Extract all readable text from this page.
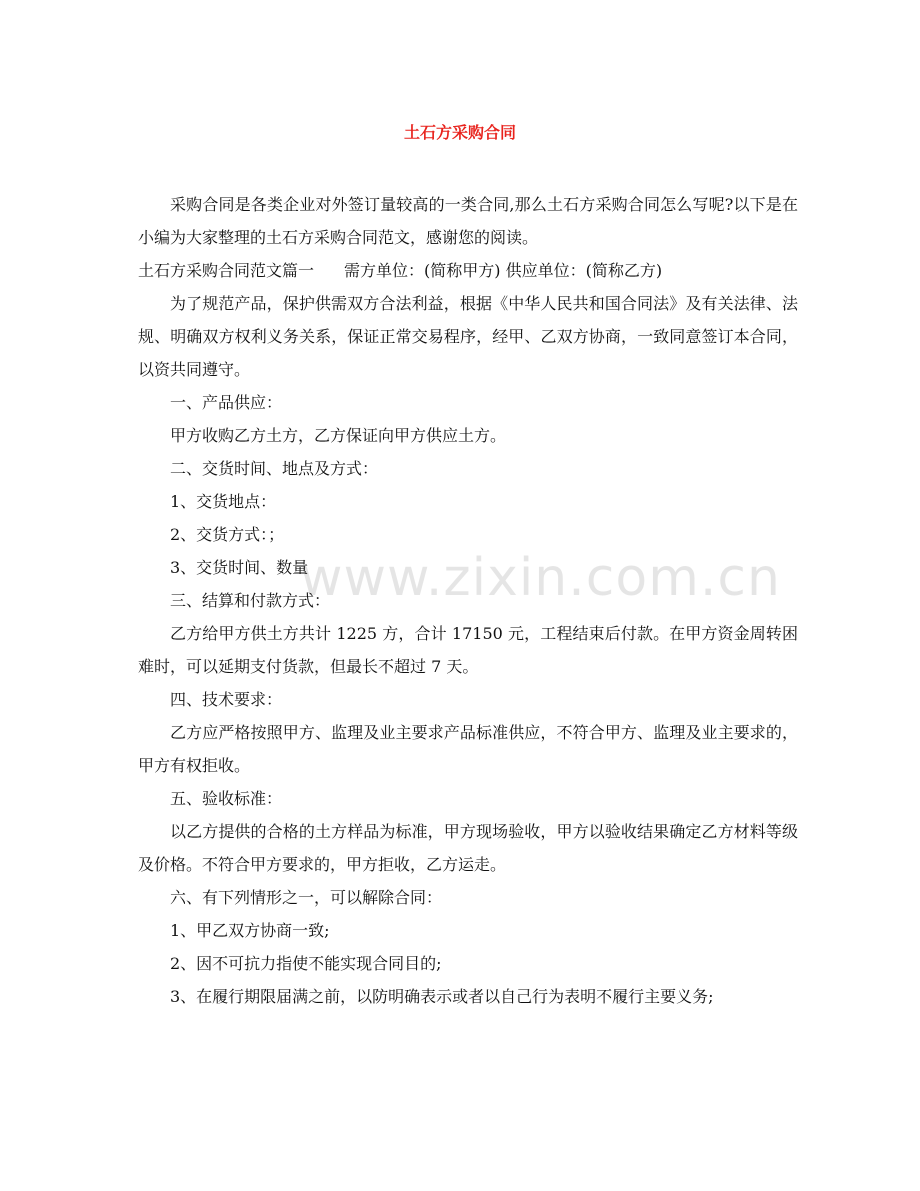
土石方采购合同

采购合同是各类企业对外签订量较高的一类合同,那么土石方采购合同怎么写呢?以下是在小编为大家整理的土石方采购合同范文，感谢您的阅读。

土石方采购合同范文篇一 需方单位：(简称甲方) 供应单位：(简称乙方)

为了规范产品，保护供需双方合法利益，根据《中华人民共和国合同法》及有关法律、法规、明确双方权利义务关系，保证正常交易程序，经甲、乙双方协商，一致同意签订本合同，以资共同遵守。

一、产品供应：

甲方收购乙方土方，乙方保证向甲方供应土方。

二、交货时间、地点及方式：

1、交货地点：

2、交货方式：；

3、交货时间、数量

三、结算和付款方式：

乙方给甲方供土方共计 1225 方，合计 17150 元，工程结束后付款。在甲方资金周转困难时，可以延期支付货款，但最长不超过 7 天。

四、技术要求：

乙方应严格按照甲方、监理及业主要求产品标准供应，不符合甲方、监理及业主要求的，甲方有权拒收。

五、验收标准：

以乙方提供的合格的土方样品为标准，甲方现场验收，甲方以验收结果确定乙方材料等级及价格。不符合甲方要求的，甲方拒收，乙方运走。

六、有下列情形之一，可以解除合同：

1、甲乙双方协商一致;

2、因不可抗力指使不能实现合同目的;

3、在履行期限届满之前，以防明确表示或者以自己行为表明不履行主要义务;

www.zixin.com.cn
